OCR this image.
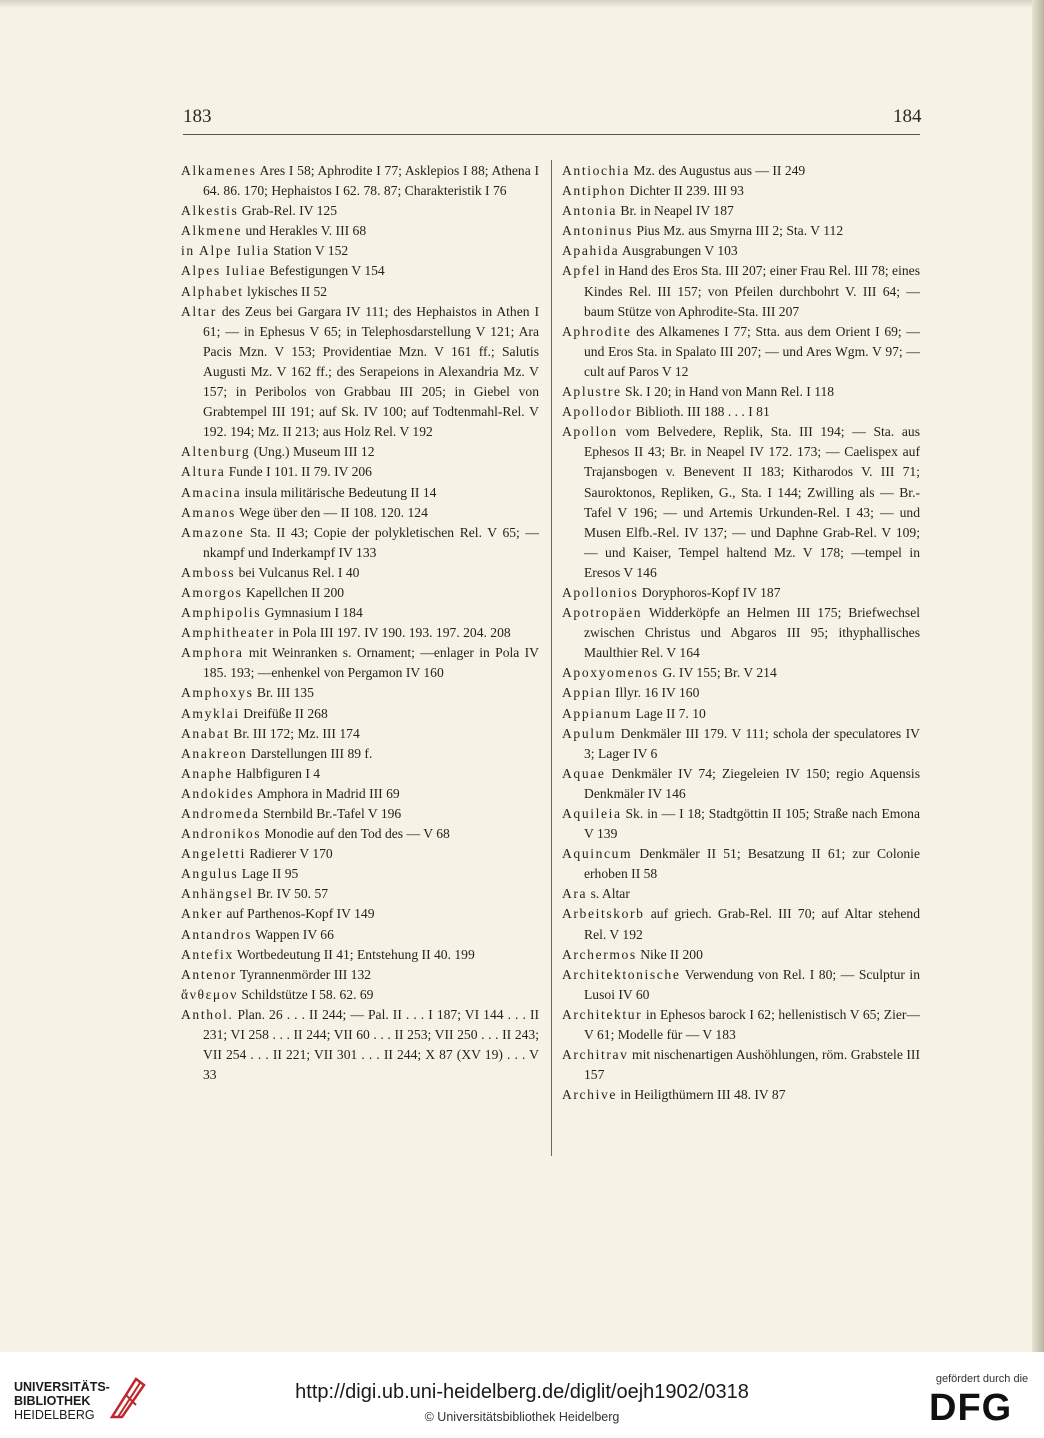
183	184
Alkamenes Ares I 58; Aphrodite I 77; Asklepios I 88; Athena I 64. 86. 170; Hephaistos I 62. 78. 87; Charakteristik I 76
Alkestis Grab-Rel. IV 125
Alkmene und Herakles V. III 68
in Alpe Iulia Station V 152
Alpes Iuliae Befestigungen V 154
Alphabet lykisches II 52
Altar des Zeus bei Gargara IV 111; des Hephaistos in Athen I 61; — in Ephesus V 65; in Telephosdarstellung V 121; Ara Pacis Mzn. V 153; Providentiae Mzn. V 161 ff.; Salutis Augusti Mz. V 162 ff.; des Serapeions in Alexandria Mz. V 157; in Peribolos von Grabbau III 205; in Giebel von Grabtempel III 191; auf Sk. IV 100; auf Todtenmahl-Rel. V 192. 194; Mz. II 213; aus Holz Rel. V 192
Altenburg (Ung.) Museum III 12
Altura Funde I 101. II 79. IV 206
Amacina insula militärische Bedeutung II 14
Amanos Wege über den — II 108. 120. 124
Amazone Sta. II 43; Copie der polykletischen Rel. V 65; —nkampf und Inderkampf IV 133
Amboss bei Vulcanus Rel. I 40
Amorgos Kapellchen II 200
Amphipolis Gymnasium I 184
Amphitheater in Pola III 197. IV 190. 193. 197. 204. 208
Amphora mit Weinranken s. Ornament; —enlager in Pola IV 185. 193; —enhenkel von Pergamon IV 160
Amphoxys Br. III 135
Amyklai Dreifüße II 268
Anabat Br. III 172; Mz. III 174
Anakreon Darstellungen III 89 f.
Anaphe Halbfiguren I 4
Andokides Amphora in Madrid III 69
Andromeda Sternbild Br.-Tafel V 196
Andronikos Monodie auf den Tod des — V 68
Angeletti Radierer V 170
Angulus Lage II 95
Anhängsel Br. IV 50. 57
Anker auf Parthenos-Kopf IV 149
Antandros Wappen IV 66
Antefix Wortbedeutung II 41; Entstehung II 40. 199
Antenor Tyrannenmörder III 132
ἄνθεμον Schildstütze I 58. 62. 69
Anthol. Plan. 26 . . . II 244; — Pal. II . . . I 187; VI 144 . . . II 231; VI 258 . . . II 244; VII 60 . . . II 253; VII 250 . . . II 243; VII 254 . . . II 221; VII 301 . . . II 244; X 87 (XV 19) . . . V 33
Antiochia Mz. des Augustus aus — II 249
Antiphon Dichter II 239. III 93
Antonia Br. in Neapel IV 187
Antoninus Pius Mz. aus Smyrna III 2; Sta. V 112
Apahida Ausgrabungen V 103
Apfel in Hand des Eros Sta. III 207; einer Frau Rel. III 78; eines Kindes Rel. III 157; von Pfeilen durchbohrt V. III 64; —baum Stütze von Aphrodite-Sta. III 207
Aphrodite des Alkamenes I 77; Stta. aus dem Orient I 69; — und Eros Sta. in Spalato III 207; — und Ares Wgm. V 97; —cult auf Paros V 12
Aplustre Sk. I 20; in Hand von Mann Rel. I 118
Apollodor Biblioth. III 188 . . . I 81
Apollon vom Belvedere, Replik, Sta. III 194; — Sta. aus Ephesos II 43; Br. in Neapel IV 172. 173; — Caelispex auf Trajansbogen v. Benevent II 183; Kitharodos V. III 71; Sauroktonos, Repliken, G., Sta. I 144; Zwilling als — Br.-Tafel V 196; — und Artemis Urkunden-Rel. I 43; — und Musen Elfb.-Rel. IV 137; — und Daphne Grab-Rel. V 109; — und Kaiser, Tempel haltend Mz. V 178; —tempel in Eresos V 146
Apollonios Doryphoros-Kopf IV 187
Apotropäen Widderköpfe an Helmen III 175; Briefwechsel zwischen Christus und Abgaros III 95; ithyphallisches Maulthier Rel. V 164
Apoxyomenos G. IV 155; Br. V 214
Appian Illyr. 16 IV 160
Appianum Lage II 7. 10
Apulum Denkmäler III 179. V 111; schola der speculatores IV 3; Lager IV 6
Aquae Denkmäler IV 74; Ziegeleien IV 150; regio Aquensis Denkmäler IV 146
Aquileia Sk. in — I 18; Stadtgöttin II 105; Straße nach Emona V 139
Aquincum Denkmäler II 51; Besatzung II 61; zur Colonie erhoben II 58
Ara s. Altar
Arbeitskorb auf griech. Grab-Rel. III 70; auf Altar stehend Rel. V 192
Archermos Nike II 200
Architektonische Verwendung von Rel. I 80; — Sculptur in Lusoi IV 60
Architektur in Ephesos barock I 62; hellenistisch V 65; Zier— V 61; Modelle für — V 183
Architrav mit nischenartigen Aushöhlungen, röm. Grabstele III 157
Archive in Heiligthümern III 48. IV 87
UNIVERSITÄTS-
BIBLIOTHEK
HEIDELBERG
http://digi.ub.uni-heidelberg.de/diglit/oejh1902/0318
© Universitätsbibliothek Heidelberg
gefördert durch die
DFG
